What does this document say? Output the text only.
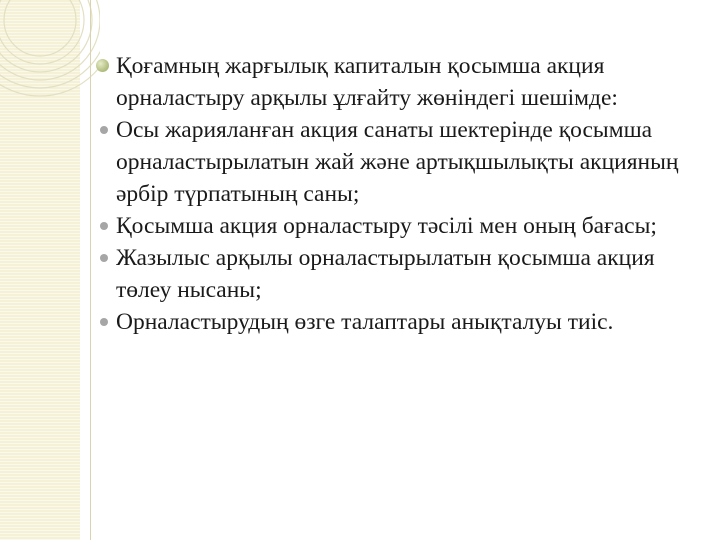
Қоғамның жарғылық капиталын қосымша акция орналастыру арқылы ұлғайту жөніндегі шешімде:
Осы жарияланған акция санаты шектерінде қосымша орналастырылатын жай және артықшылықты акцияның әрбір түрпатының саны;
Қосымша акция орналастыру тәсілі мен оның бағасы;
Жазылыс арқылы орналастырылатын қосымша акция төлеу нысаны;
Орналастырудың өзге талаптары анықталуы тиіс.
